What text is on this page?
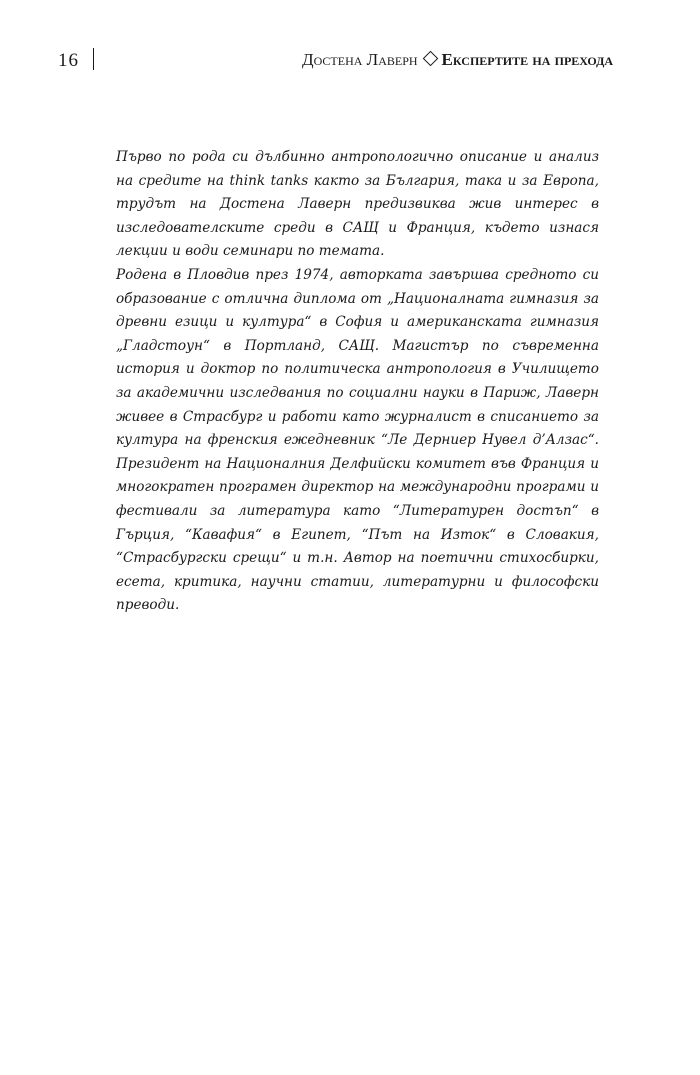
16	Достена Лаверн Експертите на прехода

Първо по рода си дълбинно антропологично описание и анализ на средите на think tanks както за България, така и за Европа, трудът на Достена Лаверн предизвиква жив интерес в изследователските среди в САЩ и Франция, където изнася лекции и води семинари по темата.

Родена в Пловдив през 1974, авторката завършва средното си образование с отлична диплома от „Националната гимназия за древни езици и култура“ в София и американската гимназия „Гладстоун“ в Портланд, САЩ. Магистър по съвременна история и доктор по политическа антропология в Училището за академични изследвания по социални науки в Париж, Лаверн живее в Страсбург и работи като журналист в списанието за култура на френския ежедневник “Ле Дерниер Нувел д’Алзас“. Президент на Националния Делфийски комитет във Франция и многократен програмен директор на международни програми и фестивали за литература като “Литературен достъп“ в Гърция, “Кавафия“ в Египет, “Път на Изток“ в Словакия, “Страсбургски срещи“ и т.н. Автор на поетични стихосбирки, есета, критика, научни статии, литературни и философски преводи.
